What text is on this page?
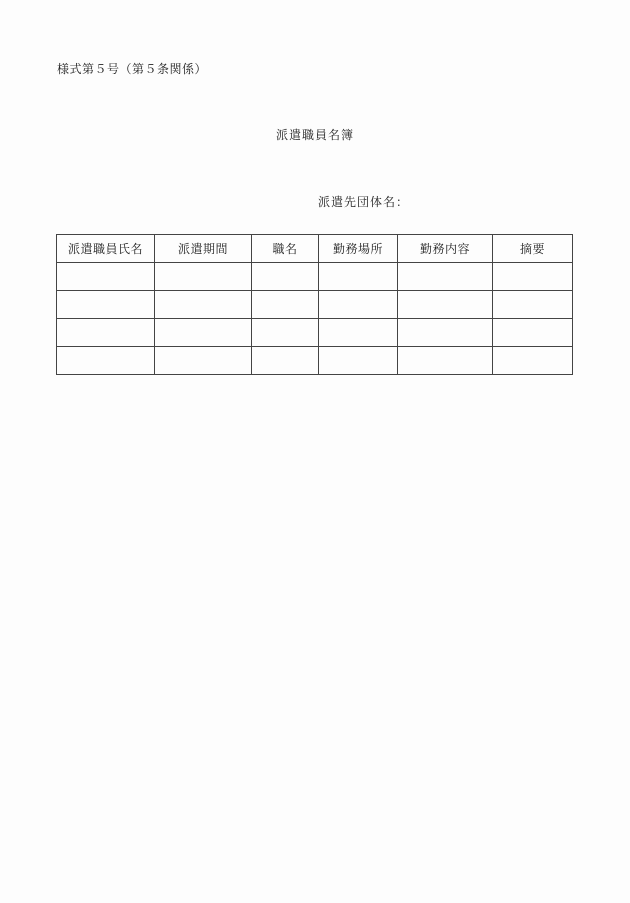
様式第５号（第５条関係）
派遣職員名簿
派遣先団体名：
派遣職員氏名	派遣期間	職名	勤務場所	勤務内容	摘要
